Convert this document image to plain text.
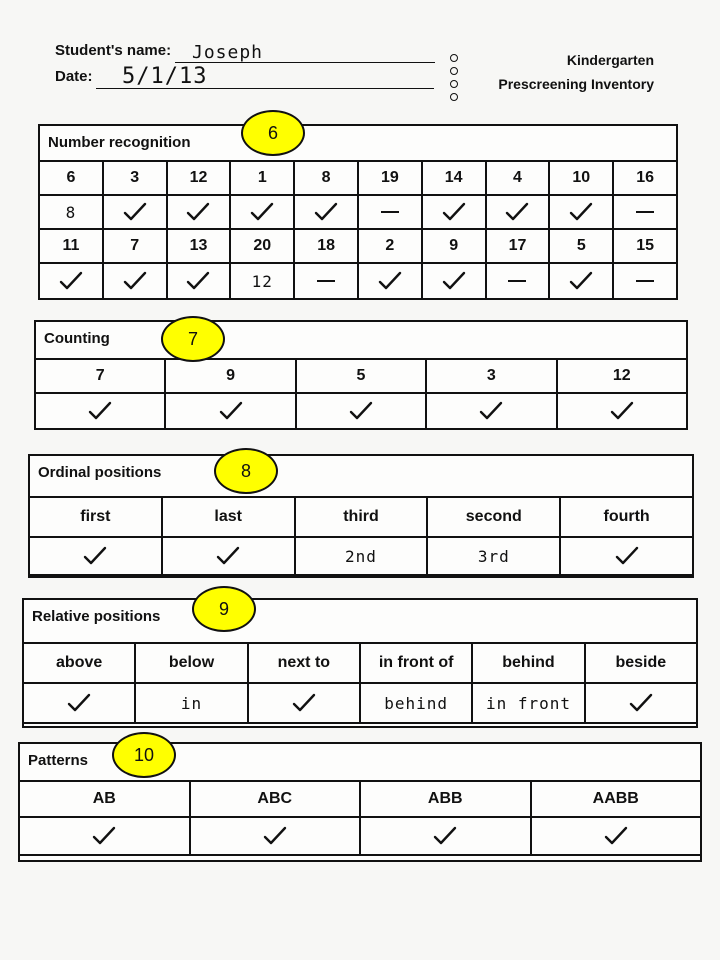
Student's name: Joseph
Date: 5/1/13
Kindergarten
Prescreening Inventory
Number recognition	6
6	3	12	1	8	19	14	4	10	16
8									
11	7	13	20	18	2	9	17	5	15
			12						
Counting	7
7	9	5	3	12

Ordinal positions	8
first	last	third	second	fourth
		2nd	3rd	
Relative positions	9
above	below	next to	in front of	behind	beside
	in		behind	in front	
Patterns	10
AB	ABC	ABB	AABB
